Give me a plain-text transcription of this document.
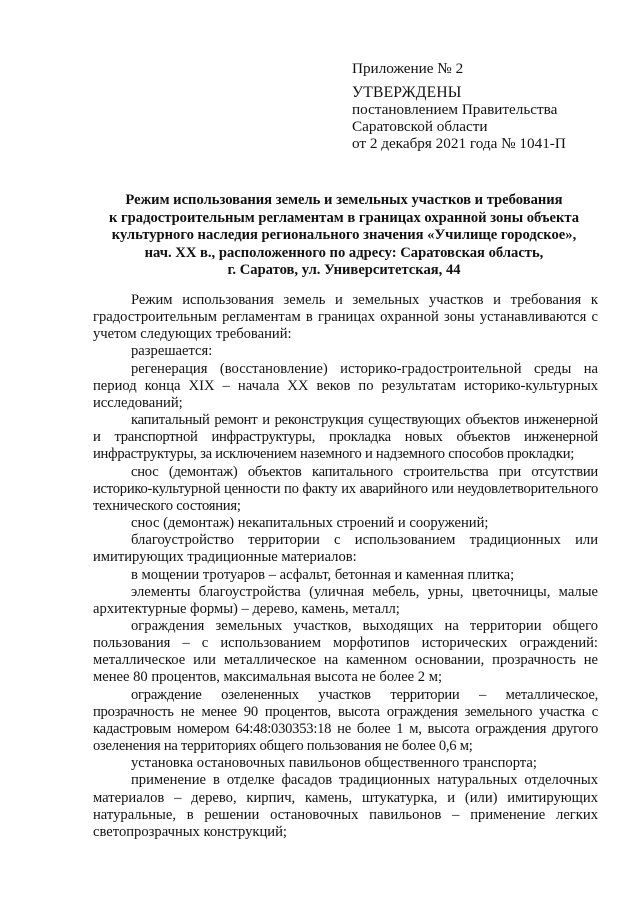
Приложение № 2
УТВЕРЖДЕНЫ
постановлением Правительства
Саратовской области
от 2 декабря 2021 года № 1041-П
Режим использования земель и земельных участков и требования
к градостроительным регламентам в границах охранной зоны объекта
культурного наследия регионального значения «Училище городское»,
нач. XX в., расположенного по адресу: Саратовская область,
г. Саратов, ул. Университетская, 44

Режим использования земель и земельных участков и требования к градостроительным регламентам в границах охранной зоны устанавливаются с учетом следующих требований:

разрешается:

регенерация (восстановление) историко-градостроительной среды на период конца XIX – начала XX веков по результатам историко-культурных исследований;

капитальный ремонт и реконструкция существующих объектов инженерной и транспортной инфраструктуры, прокладка новых объектов инженерной инфраструктуры, за исключением наземного и надземного способов прокладки;

снос (демонтаж) объектов капитального строительства при отсутствии историко-культурной ценности по факту их аварийного или неудовлетворительного технического состояния;

снос (демонтаж) некапитальных строений и сооружений;

благоустройство территории с использованием традиционных или имитирующих традиционные материалов:

в мощении тротуаров – асфальт, бетонная и каменная плитка;

элементы благоустройства (уличная мебель, урны, цветочницы, малые архитектурные формы) – дерево, камень, металл;

ограждения земельных участков, выходящих на территории общего пользования – с использованием морфотипов исторических ограждений: металлическое или металлическое на каменном основании, прозрачность не менее 80 процентов, максимальная высота не более 2 м;

ограждение озелененных участков территории – металлическое, прозрачность не менее 90 процентов, высота ограждения земельного участка с кадастровым номером 64:48:030353:18 не более 1 м, высота ограждения другого озеленения на территориях общего пользования не более 0,6 м;

установка остановочных павильонов общественного транспорта;

применение в отделке фасадов традиционных натуральных отделочных материалов – дерево, кирпич, камень, штукатурка, и (или) имитирующих натуральные, в решении остановочных павильонов – применение легких светопрозрачных конструкций;
